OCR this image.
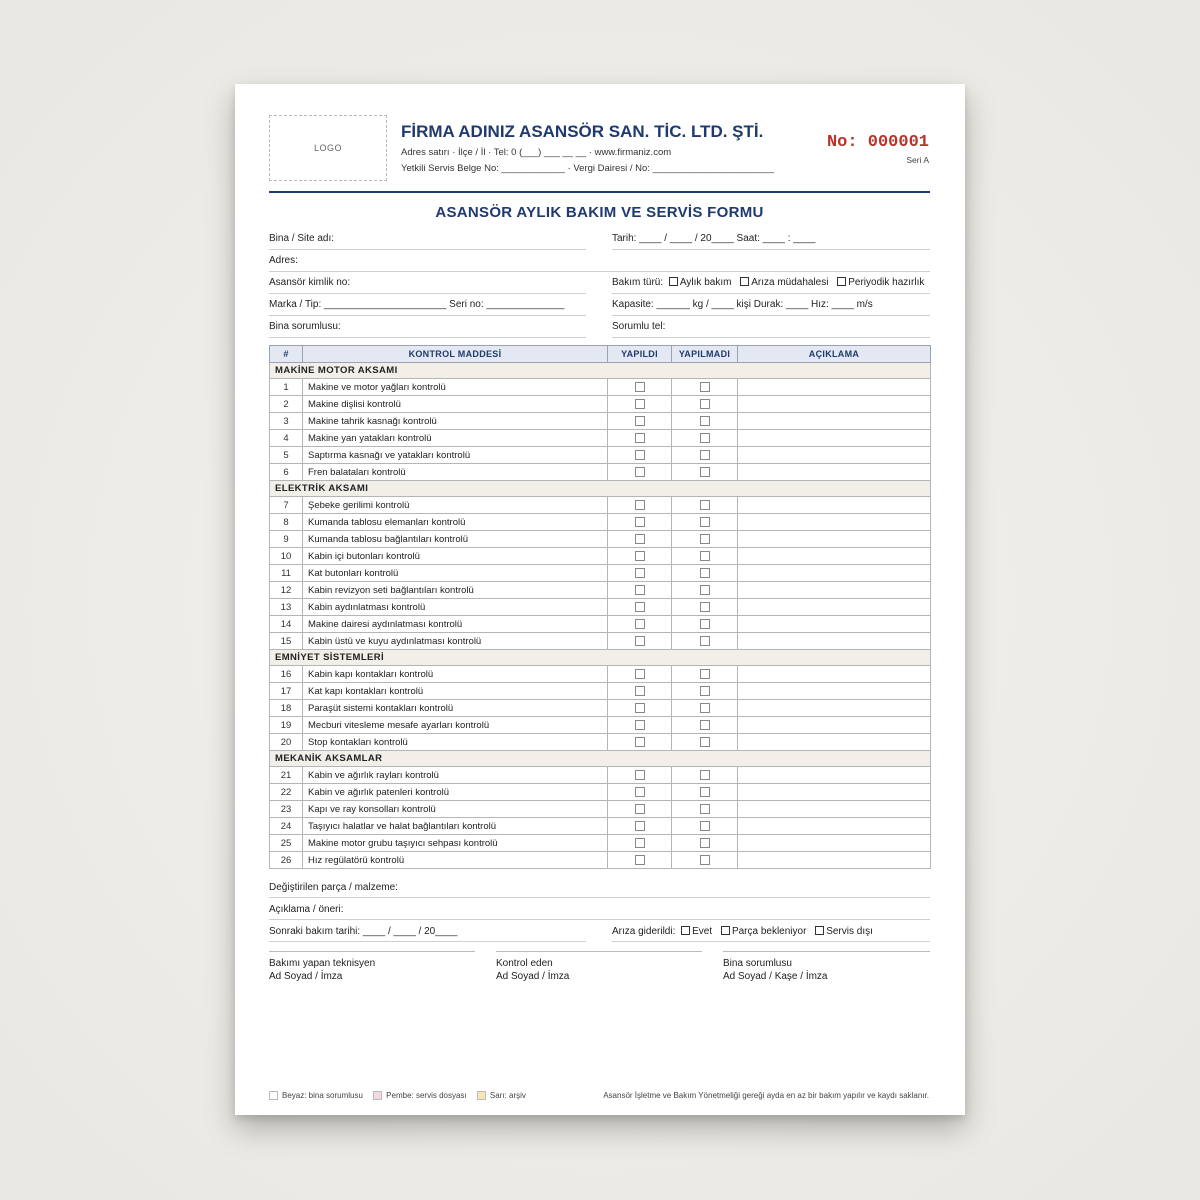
LOGO
FİRMA ADINIZ ASANSÖR SAN. TİC. LTD. ŞTİ.
Adres satırı · İlçe / İl · Tel: 0 (___) ___ __ __ · www.firmaniz.com
Yetkili Servis Belge No: ____________ · Vergi Dairesi / No: _______________________
No: 000001
Seri A
ASANSÖR AYLIK BAKIM VE SERVİS FORMU
Bina / Site adı:	Tarih: ____ / ____ / 20____ Saat: ____ : ____
Adres:
Asansör kimlik no:	Bakım türü: Aylık bakım Arıza müdahalesi Periyodik hazırlık
Marka / Tip: ______________________ Seri no: ______________	Kapasite: ______ kg / ____ kişi Durak: ____ Hız: ____ m/s
Bina sorumlusu:	Sorumlu tel:
#	KONTROL MADDESİ	YAPILDI	YAPILMADI	AÇIKLAMA
MAKİNE MOTOR AKSAMI				
1	Makine ve motor yağları kontrolü			
2	Makine dişlisi kontrolü			
3	Makine tahrik kasnağı kontrolü			
4	Makine yan yatakları kontrolü			
5	Saptırma kasnağı ve yatakları kontrolü			
6	Fren balataları kontrolü			
ELEKTRİK AKSAMI				
7	Şebeke gerilimi kontrolü			
8	Kumanda tablosu elemanları kontrolü			
9	Kumanda tablosu bağlantıları kontrolü			
10	Kabin içi butonları kontrolü			
11	Kat butonları kontrolü			
12	Kabin revizyon seti bağlantıları kontrolü			
13	Kabin aydınlatması kontrolü			
14	Makine dairesi aydınlatması kontrolü			
15	Kabin üstü ve kuyu aydınlatması kontrolü			
EMNİYET SİSTEMLERİ				
16	Kabin kapı kontakları kontrolü			
17	Kat kapı kontakları kontrolü			
18	Paraşüt sistemi kontakları kontrolü			
19	Mecburi vitesleme mesafe ayarları kontrolü			
20	Stop kontakları kontrolü			
MEKANİK AKSAMLAR				
21	Kabin ve ağırlık rayları kontrolü			
22	Kabin ve ağırlık patenleri kontrolü			
23	Kapı ve ray konsolları kontrolü			
24	Taşıyıcı halatlar ve halat bağlantıları kontrolü			
25	Makine motor grubu taşıyıcı sehpası kontrolü			
26	Hız regülatörü kontrolü			
Değiştirilen parça / malzeme:
Açıklama / öneri:
Sonraki bakım tarihi: ____ / ____ / 20____	Arıza giderildi: Evet Parça bekleniyor Servis dışı
Bakımı yapan teknisyen
Ad Soyad / İmza
Kontrol eden
Ad Soyad / İmza
Bina sorumlusu
Ad Soyad / Kaşe / İmza
Beyaz: bina sorumlusu	Pembe: servis dosyası	Sarı: arşiv	Asansör İşletme ve Bakım Yönetmeliği gereği ayda en az bir bakım yapılır ve kaydı saklanır.
